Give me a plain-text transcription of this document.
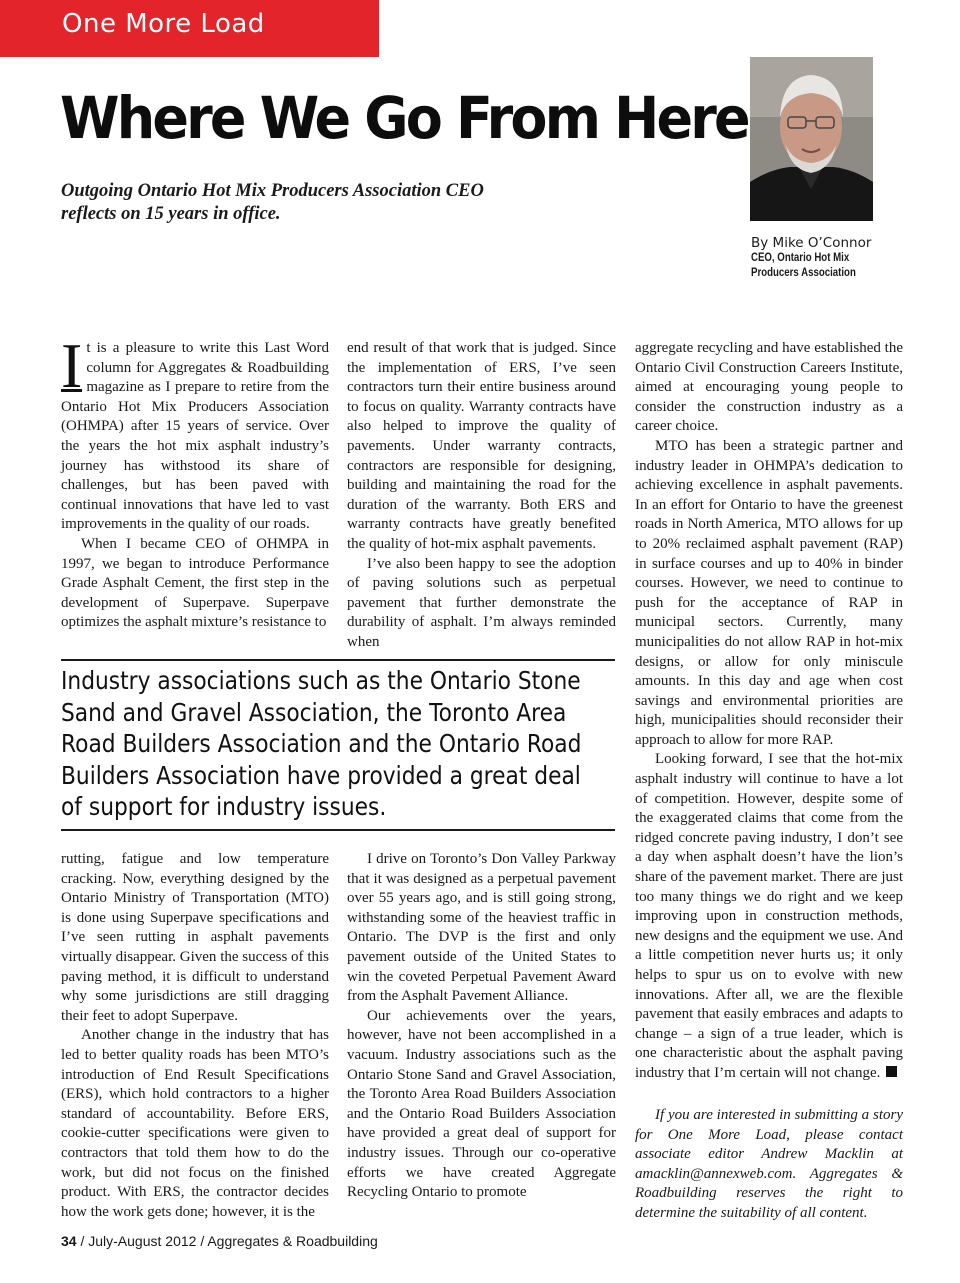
One More Load
Where We Go From Here
Outgoing Ontario Hot Mix Producers Association CEO reflects on 15 years in office.
By Mike O’Connor
CEO, Ontario Hot Mix Producers Association

I t is a pleasure to write this Last Word column for Aggregates & Roadbuilding magazine as I prepare to retire from the Ontario Hot Mix Producers Association (OHMPA) after 15 years of service. Over the years the hot mix asphalt industry’s journey has withstood its share of challenges, but has been paved with continual innovations that have led to vast improvements in the quality of our roads.

When I became CEO of OHMPA in 1997, we began to introduce Performance Grade Asphalt Cement, the first step in the development of Superpave. Superpave optimizes the asphalt mixture’s resistance to

end result of that work that is judged. Since the implementation of ERS, I’ve seen contractors turn their entire business around to focus on quality. Warranty contracts have also helped to improve the quality of pavements. Under warranty contracts, contractors are responsible for designing, building and maintaining the road for the duration of the warranty. Both ERS and warranty contracts have greatly benefited the quality of hot-mix asphalt pavements.

I’ve also been happy to see the adoption of paving solutions such as perpetual pavement that further demonstrate the durability of asphalt. I’m always reminded when

aggregate recycling and have established the Ontario Civil Construction Careers Institute, aimed at encouraging young people to consider the construction industry as a career choice.

MTO has been a strategic partner and industry leader in OHMPA’s dedication to achieving excellence in asphalt pavements. In an effort for Ontario to have the greenest roads in North America, MTO allows for up to 20% reclaimed asphalt pavement (RAP) in surface courses and up to 40% in binder courses. However, we need to continue to push for the acceptance of RAP in municipal sectors. Currently, many municipalities do not allow RAP in hot-mix designs, or allow for only miniscule amounts. In this day and age when cost savings and environmental priorities are high, municipalities should reconsider their approach to allow for more RAP.

Looking forward, I see that the hot-mix asphalt industry will continue to have a lot of competition. However, despite some of the exaggerated claims that come from the ridged concrete paving industry, I don’t see a day when asphalt doesn’t have the lion’s share of the pavement market. There are just too many things we do right and we keep improving upon in construction methods, new designs and the equipment we use. And a little competition never hurts us; it only helps to spur us on to evolve with new innovations. After all, we are the flexible pavement that easily embraces and adapts to change – a sign of a true leader, which is one characteristic about the asphalt paving industry that I’m certain will not change.

Industry associations such as the Ontario Stone Sand and Gravel Association, the Toronto Area Road Builders Association and the Ontario Road Builders Association have provided a great deal of support for industry issues.

rutting, fatigue and low temperature cracking. Now, everything designed by the Ontario Ministry of Transportation (MTO) is done using Superpave specifications and I’ve seen rutting in asphalt pavements virtually disappear. Given the success of this paving method, it is difficult to understand why some jurisdictions are still dragging their feet to adopt Superpave.

Another change in the industry that has led to better quality roads has been MTO’s introduction of End Result Specifications (ERS), which hold contractors to a higher standard of accountability. Before ERS, cookie-cutter specifications were given to contractors that told them how to do the work, but did not focus on the finished product. With ERS, the contractor decides how the work gets done; however, it is the

I drive on Toronto’s Don Valley Parkway that it was designed as a perpetual pavement over 55 years ago, and is still going strong, withstanding some of the heaviest traffic in Ontario. The DVP is the first and only pavement outside of the United States to win the coveted Perpetual Pavement Award from the Asphalt Pavement Alliance.

Our achievements over the years, however, have not been accomplished in a vacuum. Industry associations such as the Ontario Stone Sand and Gravel Association, the Toronto Area Road Builders Association and the Ontario Road Builders Association have provided a great deal of support for industry issues. Through our co-operative efforts we have created Aggregate Recycling Ontario to promote

If you are interested in submitting a story for One More Load, please contact associate editor Andrew Macklin at amacklin@annexweb.com. Aggregates & Roadbuilding reserves the right to determine the suitability of all content.
34 / July-August 2012 / Aggregates & Roadbuilding
